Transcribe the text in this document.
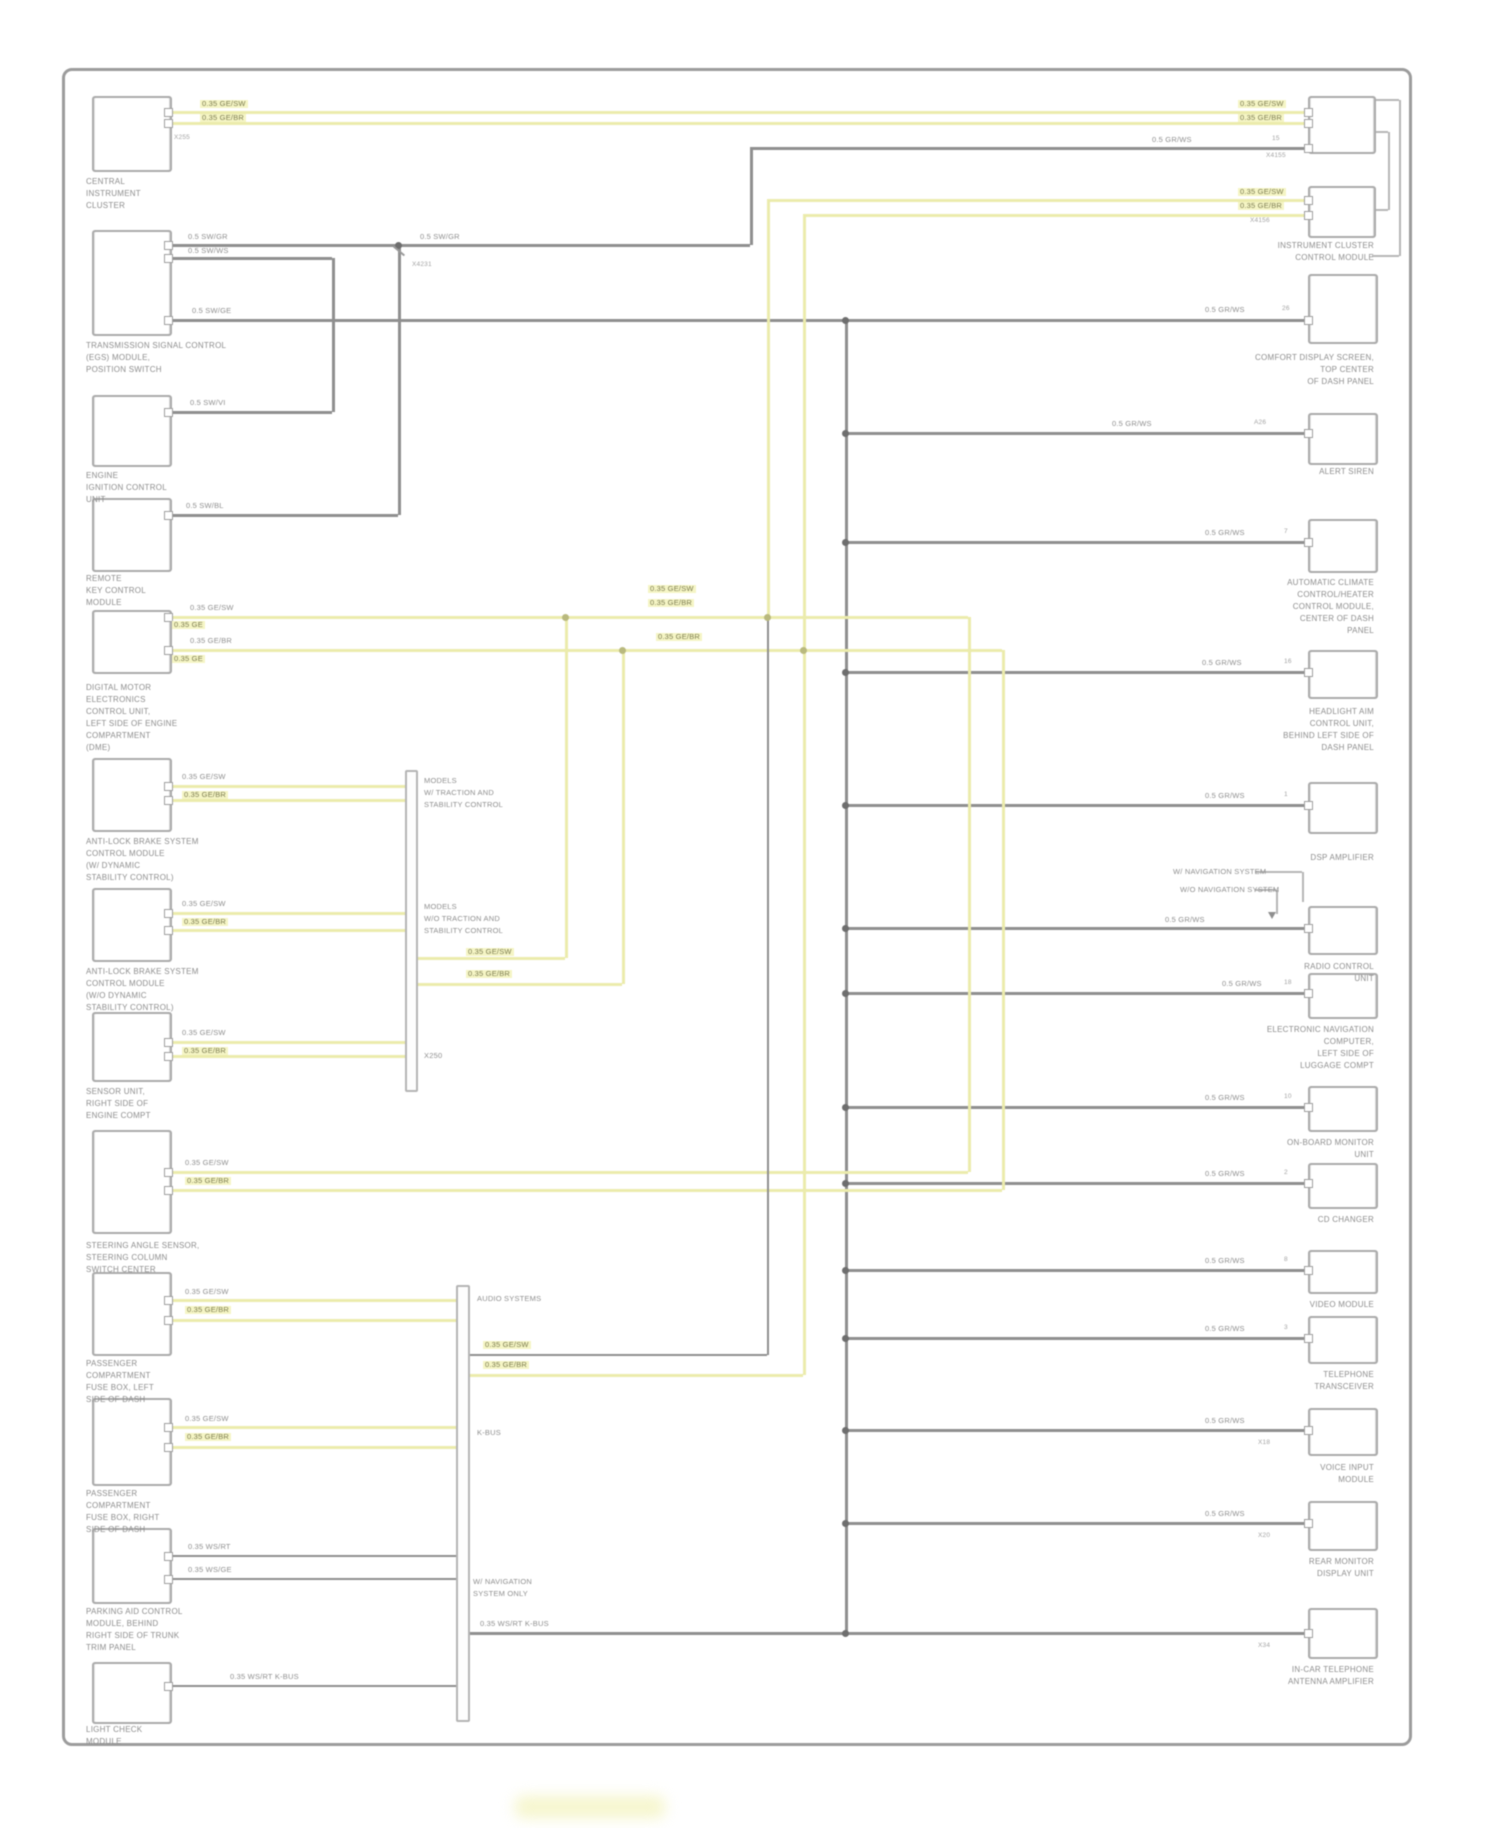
CENTRAL
INSTRUMENT
CLUSTER
TRANSMISSION SIGNAL CONTROL
(EGS) MODULE,
POSITION SWITCH
ENGINE
IGNITION CONTROL
UNIT
REMOTE
KEY CONTROL
MODULE
DIGITAL MOTOR
ELECTRONICS
CONTROL UNIT,
LEFT SIDE OF ENGINE
COMPARTMENT
(DME)
ANTI-LOCK BRAKE SYSTEM
CONTROL MODULE
(W/ DYNAMIC
STABILITY CONTROL)
ANTI-LOCK BRAKE SYSTEM
CONTROL MODULE
(W/O DYNAMIC
STABILITY CONTROL)
SENSOR UNIT,
RIGHT SIDE OF
ENGINE COMPT
STEERING ANGLE SENSOR,
STEERING COLUMN
SWITCH CENTER
PASSENGER
COMPARTMENT
FUSE BOX, LEFT
SIDE OF DASH
PASSENGER
COMPARTMENT
FUSE BOX, RIGHT
SIDE OF DASH
PARKING AID CONTROL
MODULE, BEHIND
RIGHT SIDE OF TRUNK
TRIM PANEL
LIGHT CHECK
MODULE
INSTRUMENT CLUSTER
CONTROL MODULE
COMFORT DISPLAY SCREEN,
TOP CENTER
OF DASH PANEL
ALERT SIREN
AUTOMATIC CLIMATE
CONTROL/HEATER
CONTROL MODULE,
CENTER OF DASH
PANEL
HEADLIGHT AIM
CONTROL UNIT,
BEHIND LEFT SIDE OF
DASH PANEL
DSP AMPLIFIER
RADIO CONTROL
UNIT
ELECTRONIC NAVIGATION
COMPUTER,
LEFT SIDE OF
LUGGAGE COMPT
ON-BOARD MONITOR
UNIT
CD CHANGER
VIDEO MODULE
TELEPHONE
TRANSCEIVER
VOICE INPUT
MODULE
REAR MONITOR
DISPLAY UNIT
IN-CAR TELEPHONE
ANTENNA AMPLIFIER
0.35 GE/SW
0.35 GE/BR
X255
0.35 GE/SW
0.35 GE/BR
0.5 GR/WS	15
X4155
0.35 GE/SW
0.35 GE/BR
X4156
0.5 SW/GR
0.5 SW/WS
0.5 SW/GR
X4231
0.5 SW/GE
0.5 SW/VI
0.5 SW/BL
0.35 GE/SW
0.35 GE
0.35 GE/BR
0.35 GE
0.35 GE/SW
0.35 GE/BR
0.35 GE/BR
0.35 GE/SW
0.35 GE/BR
0.35 GE/SW
0.35 GE/BR
0.35 GE/SW
0.35 GE/BR
0.35 GE/SW
0.35 GE/BR
MODELS
W/ TRACTION AND
STABILITY CONTROL
MODELS
W/O TRACTION AND
STABILITY CONTROL
X250
0.35 GE/SW
0.35 GE/BR
0.35 GE/SW
0.35 GE/BR
AUDIO SYSTEMS
0.35 GE/SW
0.35 GE/BR	K-BUS
0.35 GE/SW
0.35 GE/BR
W/ NAVIGATION
SYSTEM ONLY
0.35 WS/RT K-BUS
0.35 WS/RT
0.35 WS/GE
0.35 WS/RT K-BUS
0.5 GR/WS	26
0.5 GR/WS	A26
0.5 GR/WS	7
0.5 GR/WS	16
0.5 GR/WS	1
0.5 GR/WS
0.5 GR/WS	18
0.5 GR/WS	10
0.5 GR/WS	2
0.5 GR/WS	8
0.5 GR/WS	3
0.5 GR/WS
X18
0.5 GR/WS
X20
X34
W/ NAVIGATION SYSTEM
W/O NAVIGATION SYSTEM
